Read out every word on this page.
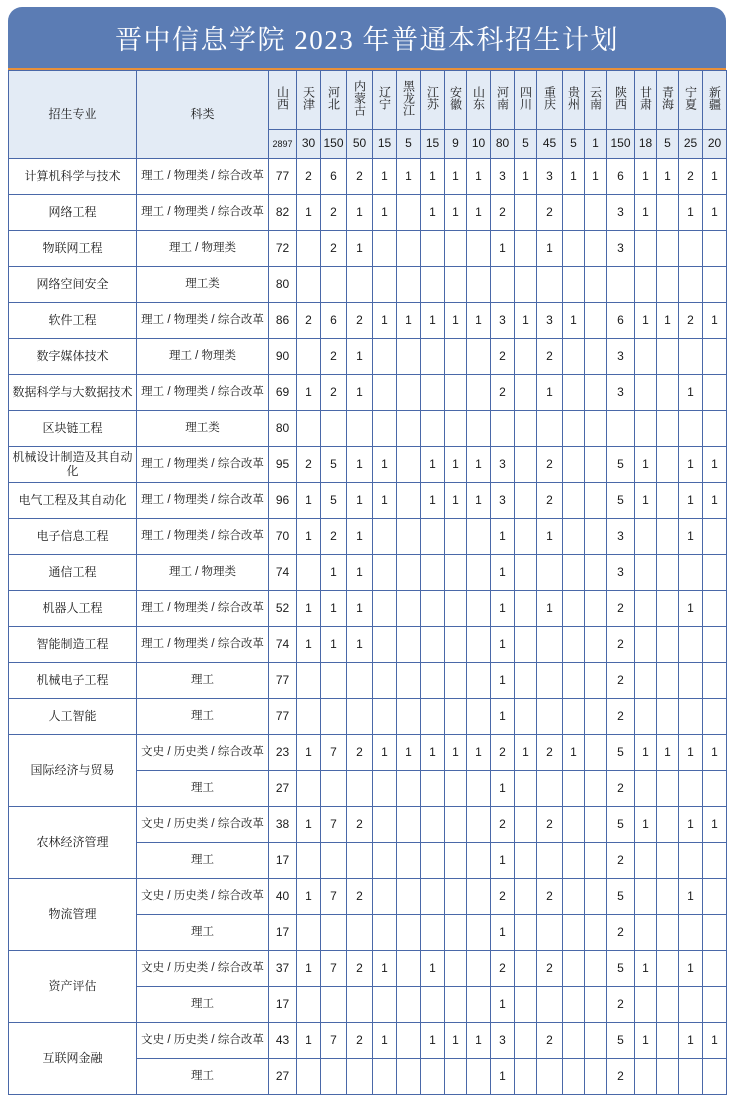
晋中信息学院 2023 年普通本科招生计划
招生专业	科类	山西	天津	河北	内蒙古	辽宁	黑龙江	江苏	安徽	山东	河南	四川	重庆	贵州	云南	陕西	甘肃	青海	宁夏	新疆
		2897	30	150	50	15	5	15	9	10	80	5	45	5	1	150	18	5	25	20
计算机科学与技术	理工 / 物理类 / 综合改革	77	2	6	2	1	1	1	1	1	3	1	3	1	1	6	1	1	2	1
网络工程	理工 / 物理类 / 综合改革	82	1	2	1	1		1	1	1	2		2			3	1		1	1
物联网工程	理工 / 物理类	72		2	1						1		1			3				
网络空间安全	理工类	80																		
软件工程	理工 / 物理类 / 综合改革	86	2	6	2	1	1	1	1	1	3	1	3	1		6	1	1	2	1
数字媒体技术	理工 / 物理类	90		2	1						2		2			3				
数据科学与大数据技术	理工 / 物理类 / 综合改革	69	1	2	1						2		1			3			1	
区块链工程	理工类	80																		
机械设计制造及其自动化	理工 / 物理类 / 综合改革	95	2	5	1	1		1	1	1	3		2			5	1		1	1
电气工程及其自动化	理工 / 物理类 / 综合改革	96	1	5	1	1		1	1	1	3		2			5	1		1	1
电子信息工程	理工 / 物理类 / 综合改革	70	1	2	1						1		1			3			1	
通信工程	理工 / 物理类	74		1	1						1					3				
机器人工程	理工 / 物理类 / 综合改革	52	1	1	1						1		1			2			1	
智能制造工程	理工 / 物理类 / 综合改革	74	1	1	1						1					2				
机械电子工程	理工	77									1					2				
人工智能	理工	77									1					2				
国际经济与贸易	文史 / 历史类 / 综合改革	23	1	7	2	1	1	1	1	1	2	1	2	1		5	1	1	1	1
	理工	27									1					2				
农林经济管理	文史 / 历史类 / 综合改革	38	1	7	2						2		2			5	1		1	1
	理工	17									1					2				
物流管理	文史 / 历史类 / 综合改革	40	1	7	2						2		2			5			1	
	理工	17									1					2				
资产评估	文史 / 历史类 / 综合改革	37	1	7	2	1		1			2		2			5	1		1	
	理工	17									1					2				
互联网金融	文史 / 历史类 / 综合改革	43	1	7	2	1		1	1	1	3		2			5	1		1	1
	理工	27									1					2				
